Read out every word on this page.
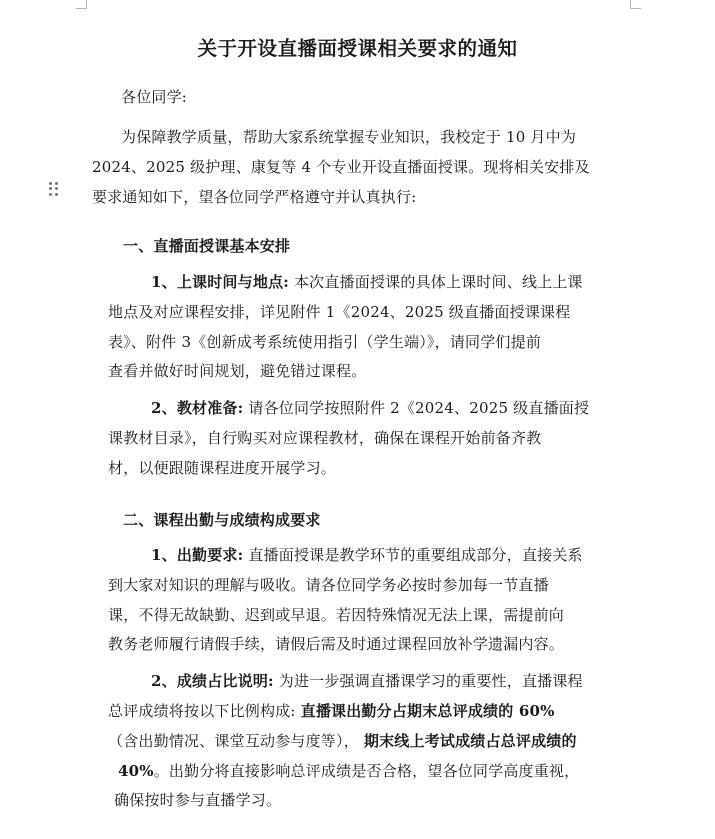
关于开设直播面授课相关要求的通知
各位同学:
为保障教学质量，帮助大家系统掌握专业知识，我校定于 10 月中为
2024、2025 级护理、康复等 4 个专业开设直播面授课。现将相关安排及
要求通知如下，望各位同学严格遵守并认真执行:
一、直播面授课基本安排
1、上课时间与地点: 本次直播面授课的具体上课时间、线上上课
地点及对应课程安排，详见附件 1《2024、2025 级直播面授课课程
表》、附件 3《创新成考系统使用指引（学生端）》，请同学们提前
查看并做好时间规划，避免错过课程。
2、教材准备: 请各位同学按照附件 2《2024、2025 级直播面授
课教材目录》，自行购买对应课程教材，确保在课程开始前备齐教
材，以便跟随课程进度开展学习。
二、课程出勤与成绩构成要求
1、出勤要求: 直播面授课是教学环节的重要组成部分，直接关系
到大家对知识的理解与吸收。请各位同学务必按时参加每一节直播
课，不得无故缺勤、迟到或早退。若因特殊情况无法上课，需提前向
教务老师履行请假手续，请假后需及时通过课程回放补学遗漏内容。
2、成绩占比说明: 为进一步强调直播课学习的重要性，直播课程
总评成绩将按以下比例构成: 直播课出勤分占期末总评成绩的 60%
（含出勤情况、课堂互动参与度等）， 期末线上考试成绩占总评成绩的
40%。出勤分将直接影响总评成绩是否合格，望各位同学高度重视，
确保按时参与直播学习。
